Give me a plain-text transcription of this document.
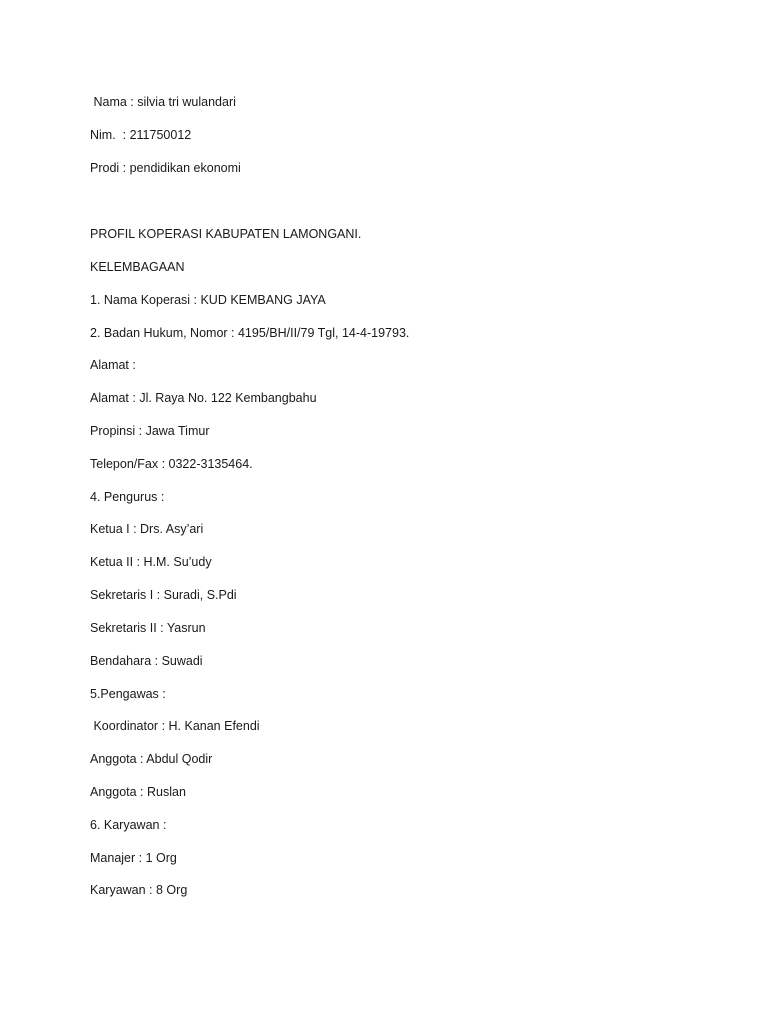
Nama : silvia tri wulandari

Nim.  : 211750012

Prodi : pendidikan ekonomi

PROFIL KOPERASI KABUPATEN LAMONGANI.

KELEMBAGAAN

1. Nama Koperasi : KUD KEMBANG JAYA

2. Badan Hukum, Nomor : 4195/BH/II/79 Tgl, 14-4-19793.

Alamat :

Alamat : Jl. Raya No. 122 Kembangbahu

Propinsi : Jawa Timur

Telepon/Fax : 0322-3135464.

4. Pengurus :

Ketua I : Drs. Asy’ari

Ketua II : H.M. Su’udy

Sekretaris I : Suradi, S.Pdi

Sekretaris II : Yasrun

Bendahara : Suwadi

5.Pengawas :

Koordinator : H. Kanan Efendi

Anggota : Abdul Qodir

Anggota : Ruslan

6. Karyawan :

Manajer : 1 Org

Karyawan : 8 Org
